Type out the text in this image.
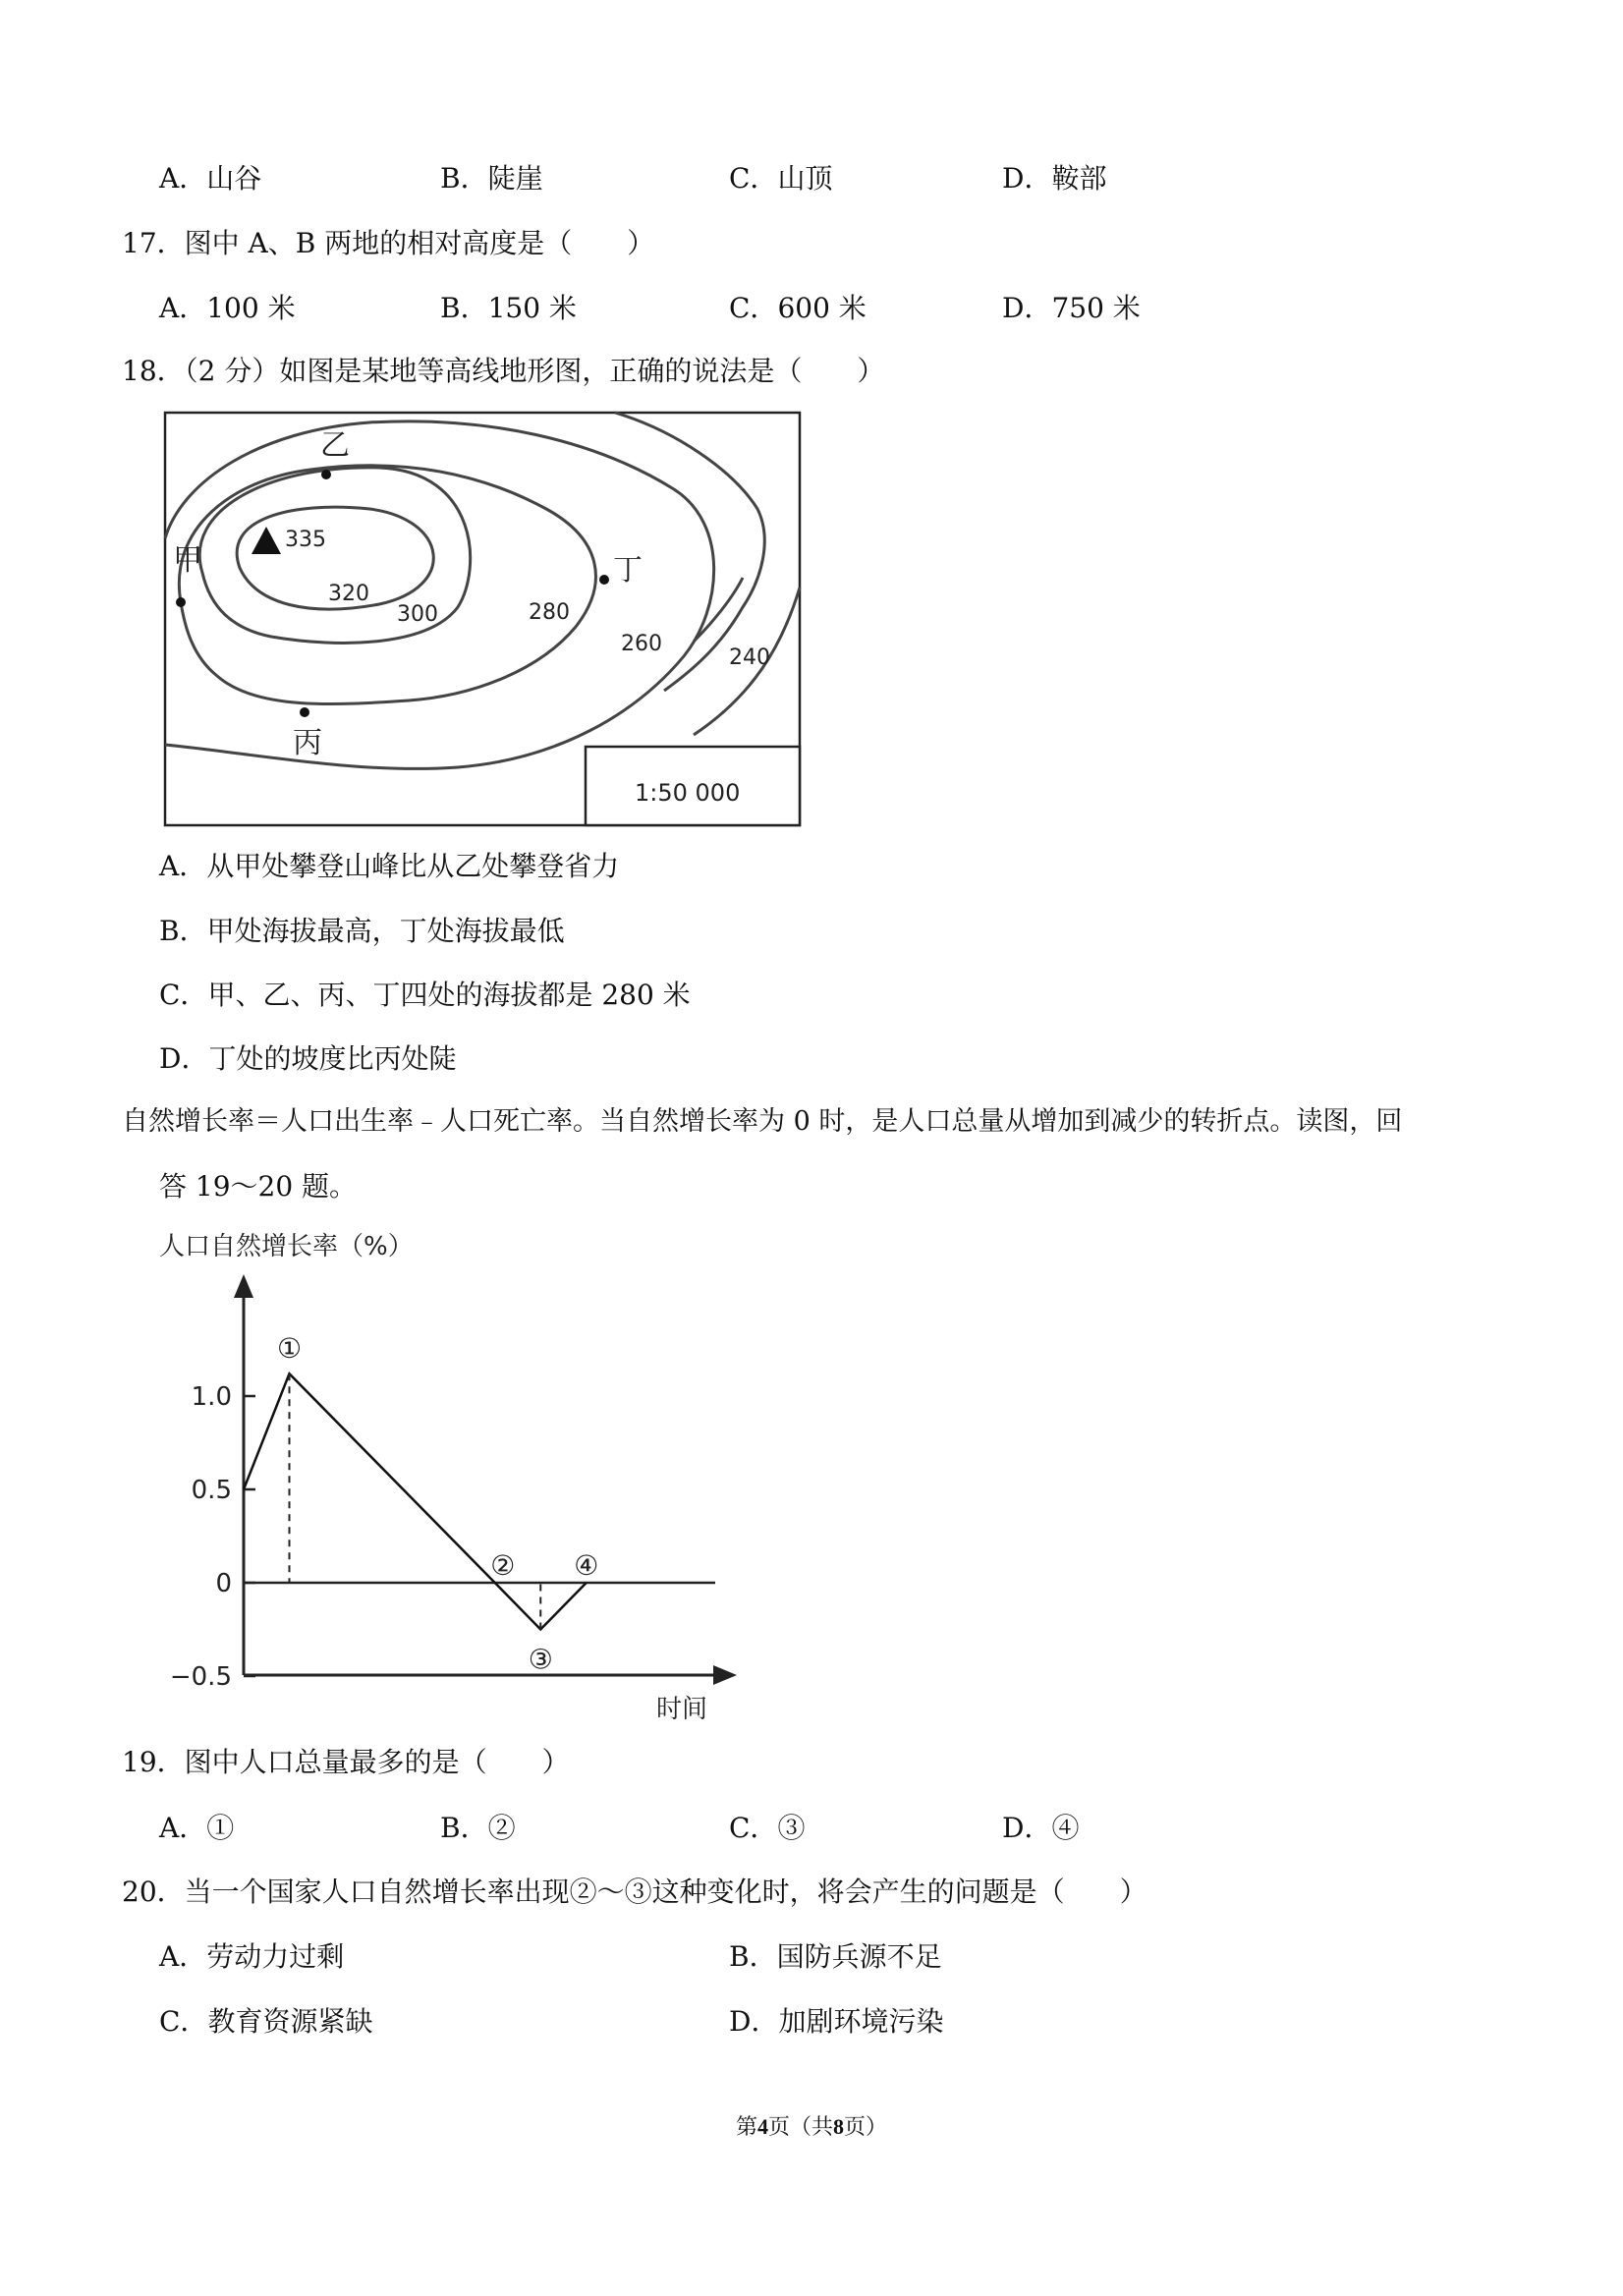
A．山谷	B．陡崖	C．山顶	D．鞍部
17．图中 A、B 两地的相对高度是（　　）
A．100 米	B．150 米	C．600 米	D．750 米
18．（2 分）如图是某地等高线地形图，正确的说法是（　　）
335
320
300	280
260
240
甲
乙
丙
丁
1:50 000
A．从甲处攀登山峰比从乙处攀登省力
B．甲处海拔最高，丁处海拔最低
C．甲、乙、丙、丁四处的海拔都是 280 米
D．丁处的坡度比丙处陡
自然增长率＝人口出生率﹣人口死亡率。当自然增长率为 0 时，是人口总量从增加到减少的转折点。读图，回
答 19～20 题。
人口自然增长率（%）
时间
1.0
0.5
0
−0.5
①
②
③
④
19．图中人口总量最多的是（　　）
A．①	B．②	C．③	D．④
20．当一个国家人口自然增长率出现②～③这种变化时，将会产生的问题是（　　）
A．劳动力过剩	B．国防兵源不足
C．教育资源紧缺	D．加剧环境污染
第4页（共8页）
